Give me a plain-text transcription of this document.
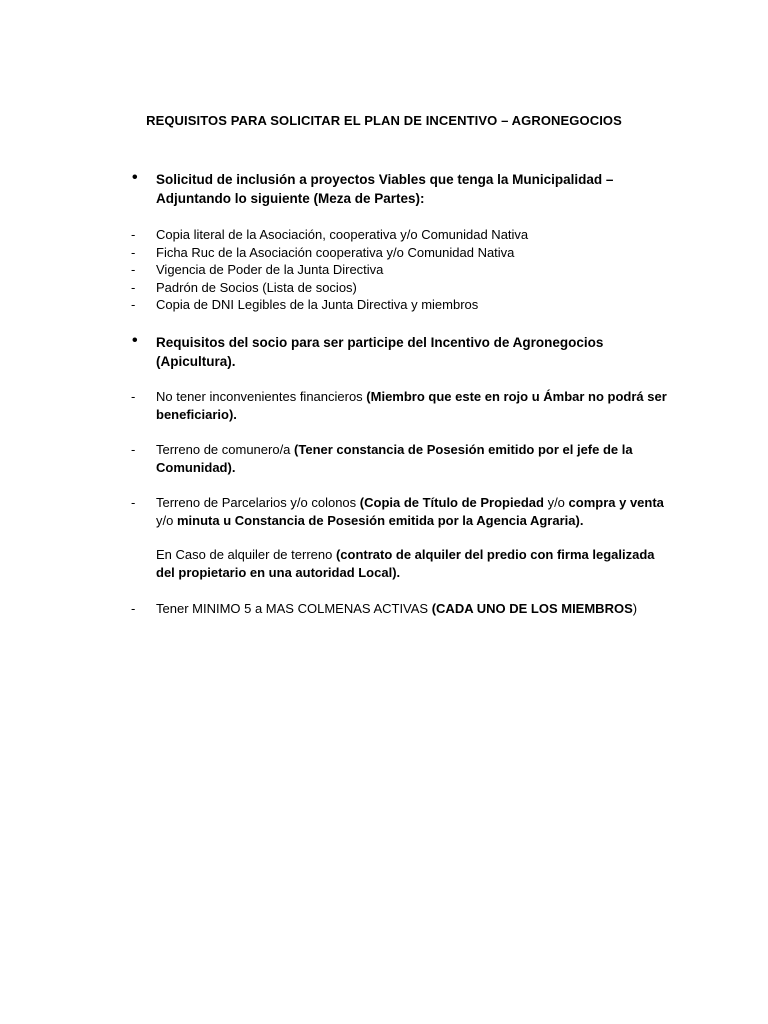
REQUISITOS PARA SOLICITAR EL PLAN DE INCENTIVO – AGRONEGOCIOS
• Solicitud de inclusión a proyectos Viables que tenga la Municipalidad –
Adjuntando lo siguiente (Meza de Partes):
- Copia literal de la Asociación, cooperativa y/o Comunidad Nativa
- Ficha Ruc de la Asociación cooperativa y/o Comunidad Nativa
- Vigencia de Poder de la Junta Directiva
- Padrón de Socios (Lista de socios)
- Copia de DNI Legibles de la Junta Directiva y miembros
• Requisitos del socio para ser participe del Incentivo de Agronegocios
(Apicultura).
- No tener inconvenientes financieros (Miembro que este en rojo u Ámbar no podrá ser
beneficiario).
- Terreno de comunero/a (Tener constancia de Posesión emitido por el jefe de la
Comunidad).
- Terreno de Parcelarios y/o colonos (Copia de Título de Propiedad y/o compra y venta
y/o minuta u Constancia de Posesión emitida por la Agencia Agraria).
En Caso de alquiler de terreno (contrato de alquiler del predio con firma legalizada
del propietario en una autoridad Local).
- Tener MINIMO 5 a MAS COLMENAS ACTIVAS (CADA UNO DE LOS MIEMBROS)
